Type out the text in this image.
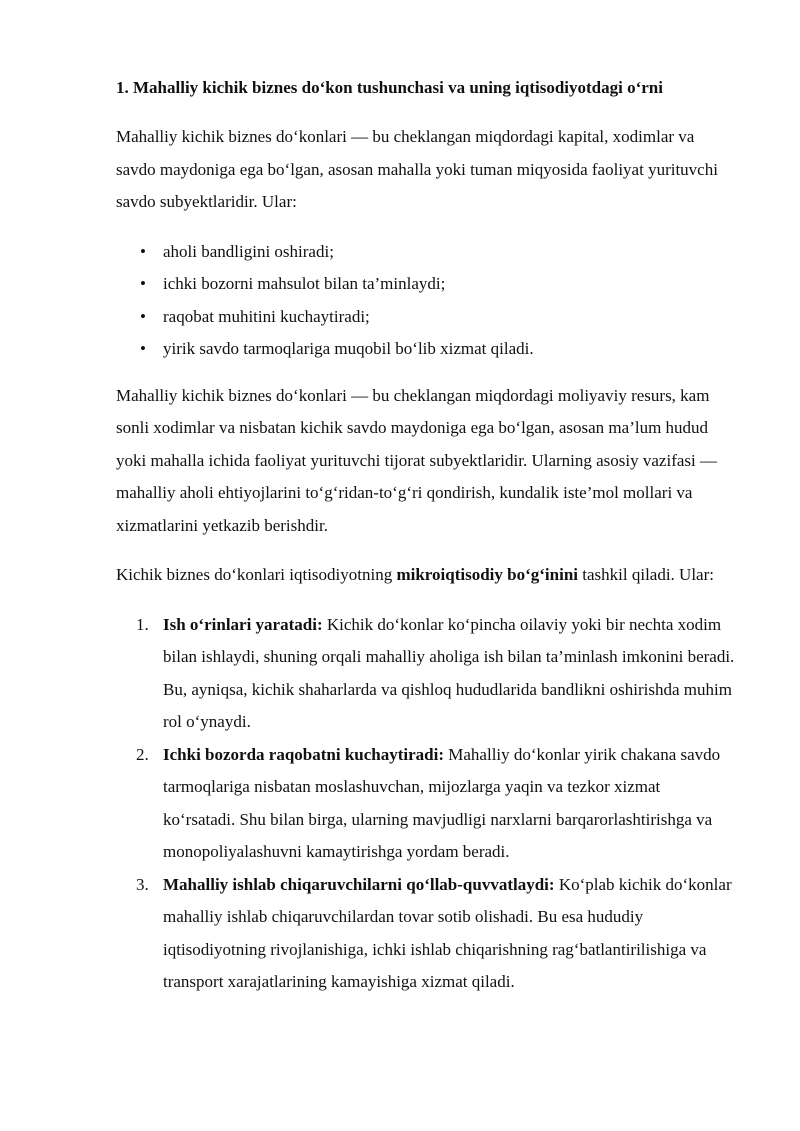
1. Mahalliy kichik biznes do‘kon tushunchasi va uning iqtisodiyotdagi o‘rni

Mahalliy kichik biznes do‘konlari — bu cheklangan miqdordagi kapital, xodimlar va savdo maydoniga ega bo‘lgan, asosan mahalla yoki tuman miqyosida faoliyat yurituvchi savdo subyektlaridir. Ular:

• aholi bandligini oshiradi;
• ichki bozorni mahsulot bilan ta’minlaydi;
• raqobat muhitini kuchaytiradi;
• yirik savdo tarmoqlariga muqobil bo‘lib xizmat qiladi.

Mahalliy kichik biznes do‘konlari — bu cheklangan miqdordagi moliyaviy resurs, kam sonli xodimlar va nisbatan kichik savdo maydoniga ega bo‘lgan, asosan ma’lum hudud yoki mahalla ichida faoliyat yurituvchi tijorat subyektlaridir. Ularning asosiy vazifasi — mahalliy aholi ehtiyojlarini to‘g‘ridan-to‘g‘ri qondirish, kundalik iste’mol mollari va xizmatlarini yetkazib berishdir.

Kichik biznes do‘konlari iqtisodiyotning mikroiqtisodiy bo‘g‘inini tashkil qiladi. Ular:

1. Ish o‘rinlari yaratadi: Kichik do‘konlar ko‘pincha oilaviy yoki bir nechta xodim bilan ishlaydi, shuning orqali mahalliy aholiga ish bilan ta’minlash imkonini beradi. Bu, ayniqsa, kichik shaharlarda va qishloq hududlarida bandlikni oshirishda muhim rol o‘ynaydi.
2. Ichki bozorda raqobatni kuchaytiradi: Mahalliy do‘konlar yirik chakana savdo tarmoqlariga nisbatan moslashuvchan, mijozlarga yaqin va tezkor xizmat ko‘rsatadi. Shu bilan birga, ularning mavjudligi narxlarni barqarorlashtirishga va monopoliyalashuvni kamaytirishga yordam beradi.
3. Mahalliy ishlab chiqaruvchilarni qo‘llab-quvvatlaydi: Ko‘plab kichik do‘konlar mahalliy ishlab chiqaruvchilardan tovar sotib olishadi. Bu esa hududiy iqtisodiyotning rivojlanishiga, ichki ishlab chiqarishning rag‘batlantirilishiga va transport xarajatlarining kamayishiga xizmat qiladi.
